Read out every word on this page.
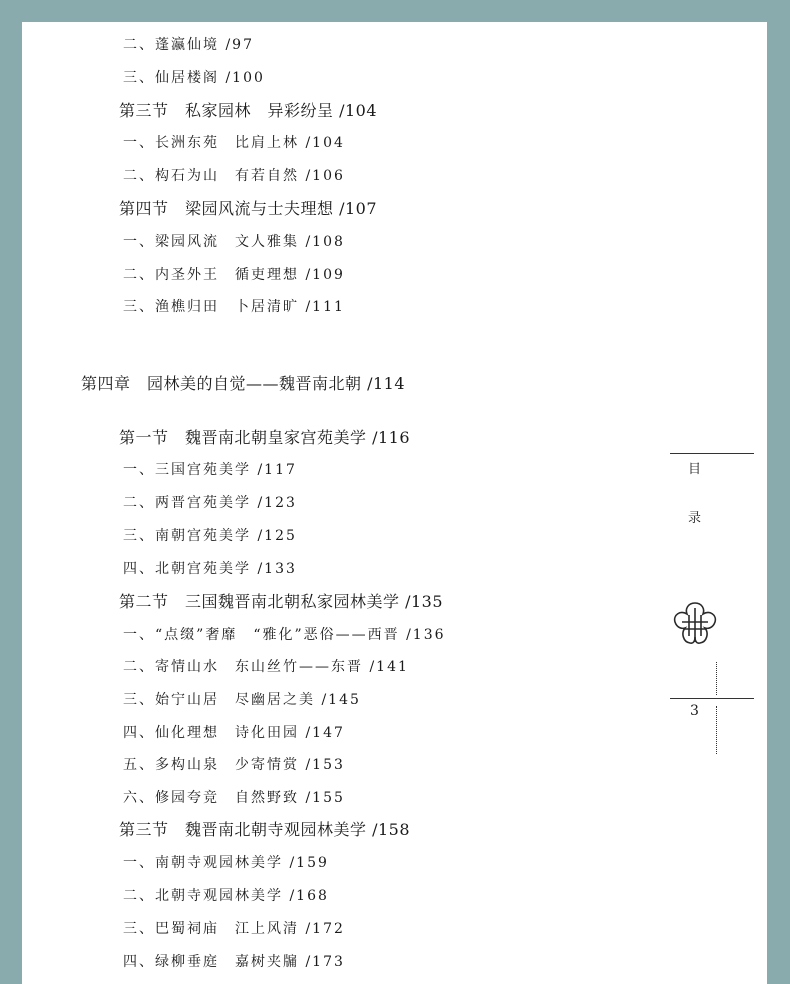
二、蓬瀛仙境 /97
三、仙居楼阁 /100
第三节　私家园林　异彩纷呈 /104
一、长洲东苑　比肩上林 /104
二、构石为山　有若自然 /106
第四节　梁园风流与士夫理想 /107
一、梁园风流　文人雅集 /108
二、内圣外王　循吏理想 /109
三、渔樵归田　卜居清旷 /111
第四章　园林美的自觉——魏晋南北朝 /114
第一节　魏晋南北朝皇家宫苑美学 /116
一、三国宫苑美学 /117
二、两晋宫苑美学 /123
三、南朝宫苑美学 /125
四、北朝宫苑美学 /133
第二节　三国魏晋南北朝私家园林美学 /135
一、“点缀”奢靡　“雅化”恶俗——西晋 /136
二、寄情山水　东山丝竹——东晋 /141
三、始宁山居　尽幽居之美 /145
四、仙化理想　诗化田园 /147
五、多构山泉　少寄情赏 /153
六、修园夸竞　自然野致 /155
第三节　魏晋南北朝寺观园林美学 /158
一、南朝寺观园林美学 /159
二、北朝寺观园林美学 /168
三、巴蜀祠庙　江上风清 /172
四、绿柳垂庭　嘉树夹牖 /173
目
录
3
